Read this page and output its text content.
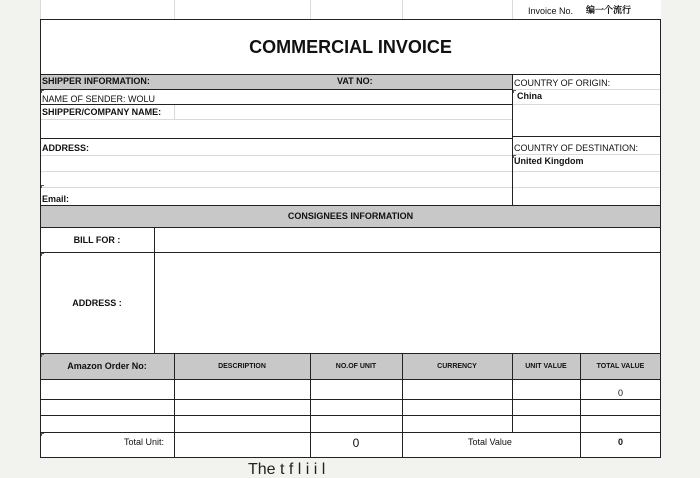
Invoice No. 编一个流行
COMMERCIAL INVOICE
SHIPPER INFORMATION:	VAT NO:
NAME OF SENDER: WOLU
SHIPPER/COMPANY NAME:
ADDRESS:
Email:
COUNTRY OF ORIGIN:
China
COUNTRY OF DESTINATION:
United Kingdom
CONSIGNEES INFORMATION
BILL FOR :
ADDRESS :
Amazon Order No:	DESCRIPTION	NO.OF UNIT	CURRENCY	UNIT VALUE	TOTAL VALUE
0
Total Unit:	0	Total Value	0
The t f l i i l
